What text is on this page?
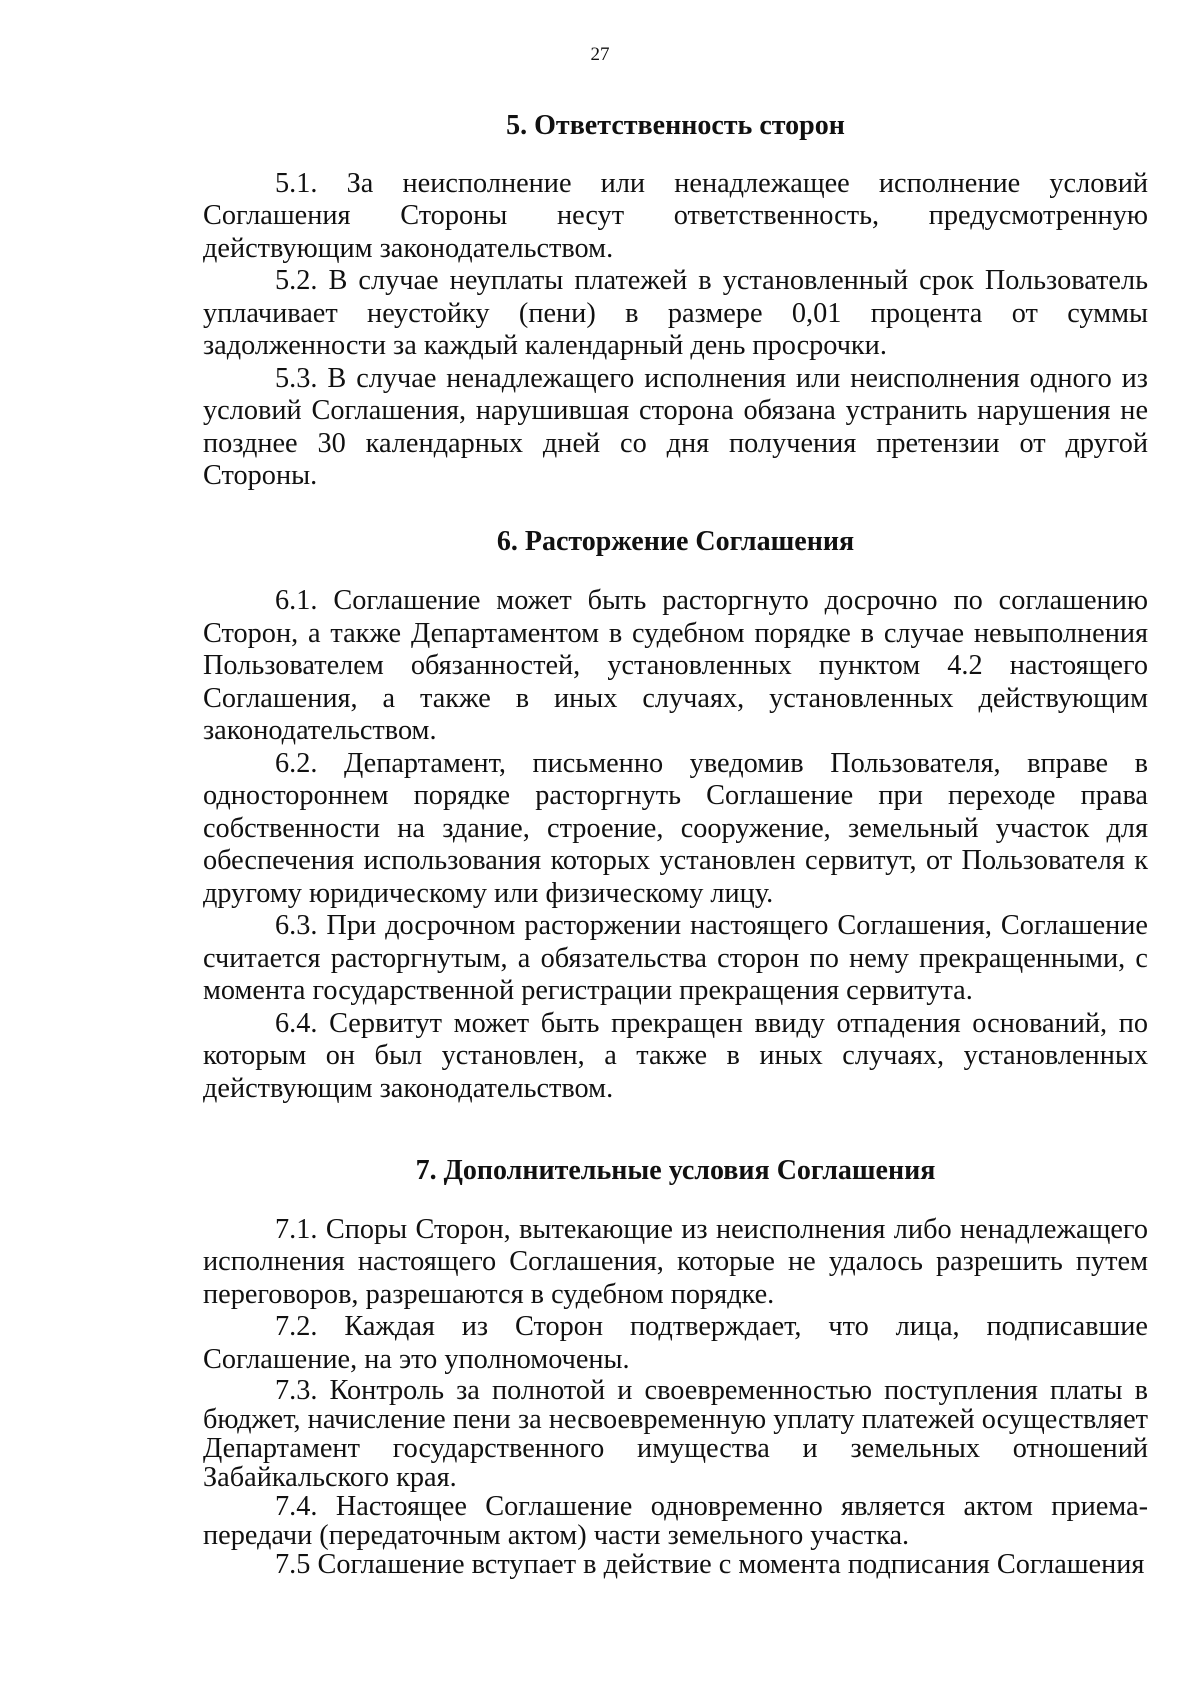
27
5. Ответственность сторон

5.1. За неисполнение или ненадлежащее исполнение условий Соглашения Стороны несут ответственность, предусмотренную действующим законодательством.

5.2. В случае неуплаты платежей в установленный срок Пользователь уплачивает неустойку (пени) в размере 0,01 процента от суммы задолженности за каждый календарный день просрочки.

5.3. В случае ненадлежащего исполнения или неисполнения одного из условий Соглашения, нарушившая сторона обязана устранить нарушения не позднее 30 календарных дней со дня получения претензии от другой Стороны.

6. Расторжение Соглашения

6.1. Соглашение может быть расторгнуто досрочно по соглашению Сторон, а также Департаментом в судебном порядке в случае невыполнения Пользователем обязанностей, установленных пунктом 4.2 настоящего Соглашения, а также в иных случаях, установленных действующим законодательством.

6.2. Департамент, письменно уведомив Пользователя, вправе в одностороннем порядке расторгнуть Соглашение при переходе права собственности на здание, строение, сооружение, земельный участок для обеспечения использования которых установлен сервитут, от Пользователя к другому юридическому или физическому лицу.

6.3. При досрочном расторжении настоящего Соглашения, Соглашение считается расторгнутым, а обязательства сторон по нему прекращенными, с момента государственной регистрации прекращения сервитута.

6.4. Сервитут может быть прекращен ввиду отпадения оснований, по которым он был установлен, а также в иных случаях, установленных действующим законодательством.

7. Дополнительные условия Соглашения

7.1. Споры Сторон, вытекающие из неисполнения либо ненадлежащего исполнения настоящего Соглашения, которые не удалось разрешить путем переговоров, разрешаются в судебном порядке.

7.2. Каждая из Сторон подтверждает, что лица, подписавшие Соглашение, на это уполномочены.

7.3. Контроль за полнотой и своевременностью поступления платы в бюджет, начисление пени за несвоевременную уплату платежей осуществляет Департамент государственного имущества и земельных отношений Забайкальского края.

7.4. Настоящее Соглашение одновременно является актом приема-передачи (передаточным актом) части земельного участка.

7.5 Соглашение вступает в действие с момента подписания Соглашения
